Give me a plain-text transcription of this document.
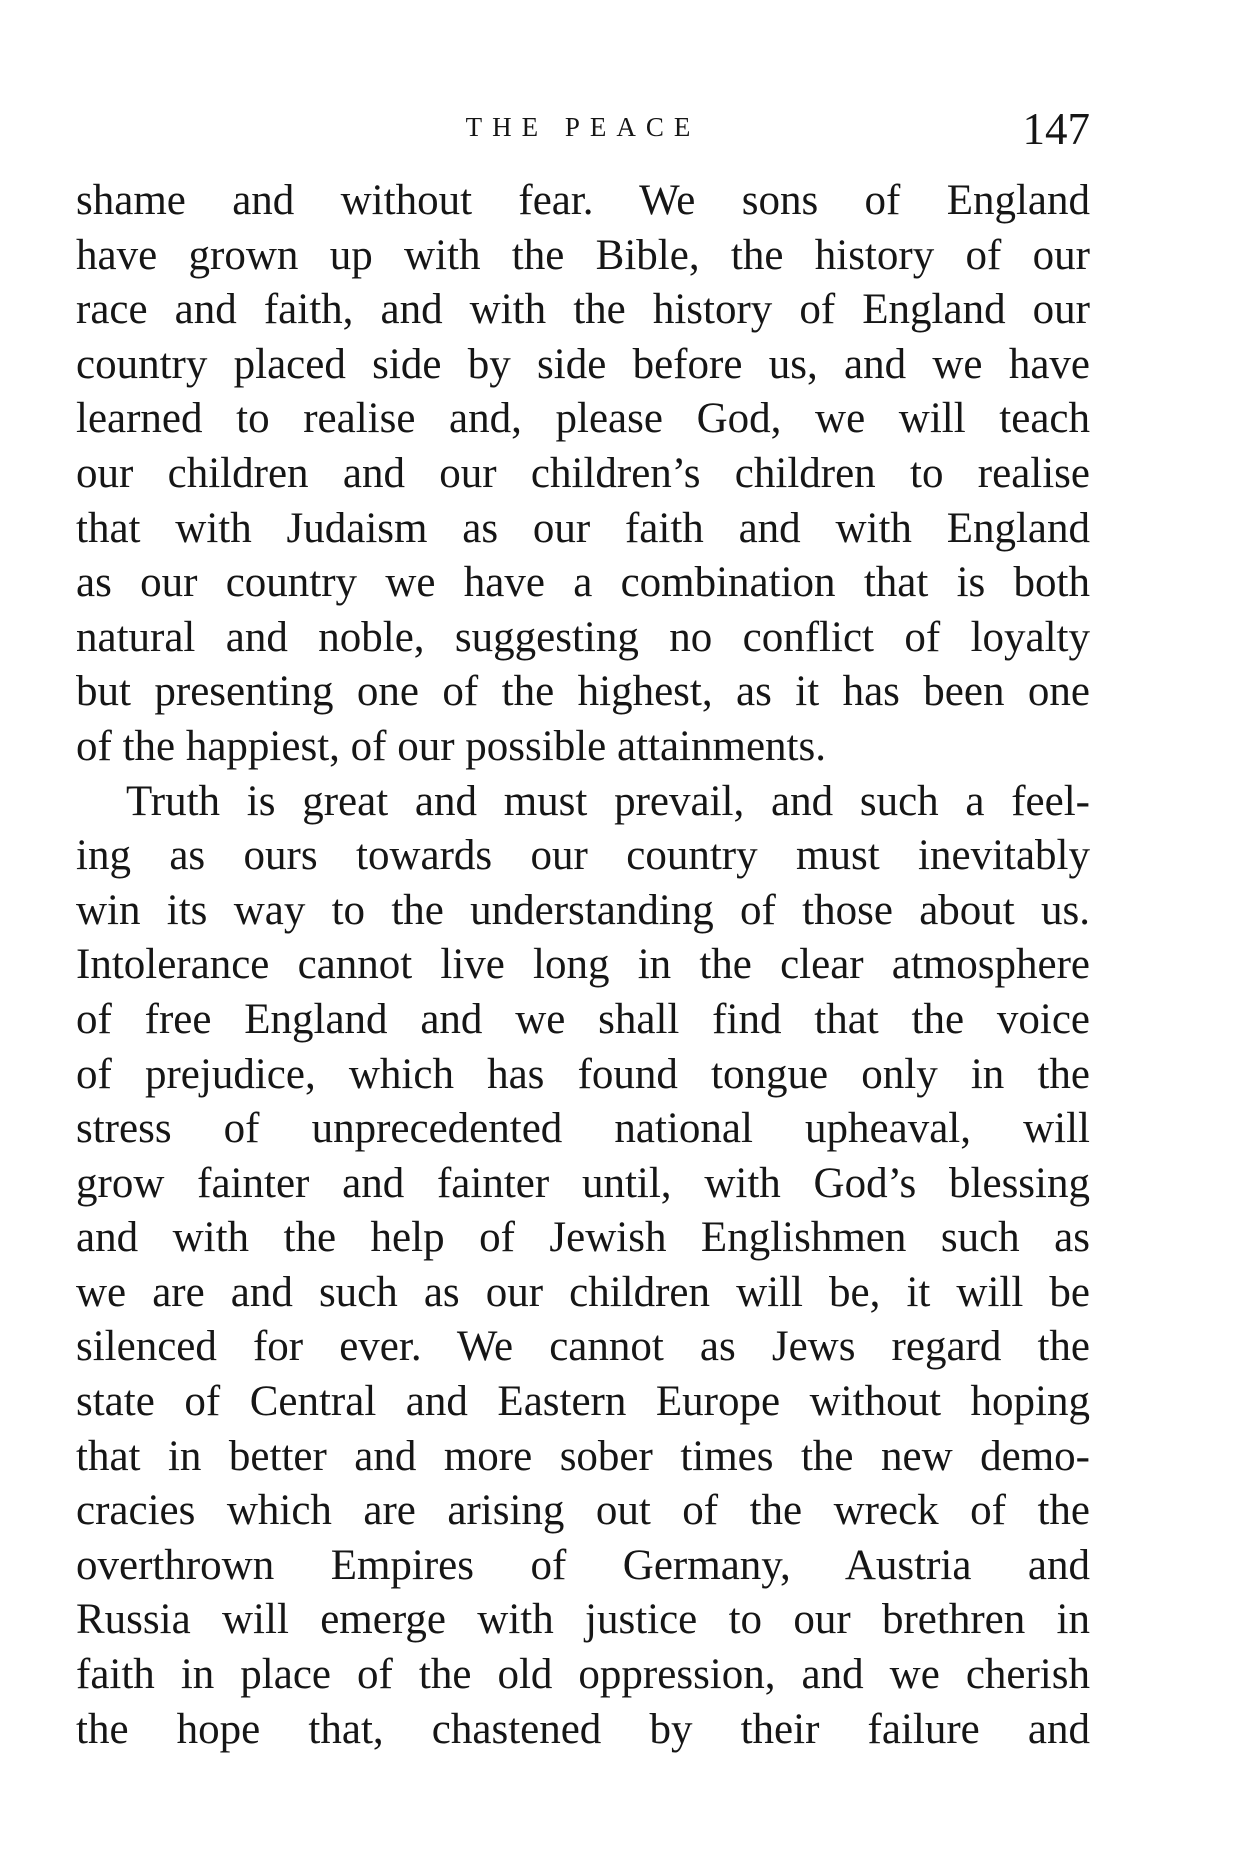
THE PEACE	147
shame and without fear. We sons of England
have grown up with the Bible, the history of our
race and faith, and with the history of England our
country placed side by side before us, and we have
learned to realise and, please God, we will teach
our children and our children’s children to realise
that with Judaism as our faith and with England
as our country we have a combination that is both
natural and noble, suggesting no conflict of loyalty
but presenting one of the highest, as it has been one
of the happiest, of our possible attainments.
Truth is great and must prevail, and such a feel-
ing as ours towards our country must inevitably
win its way to the understanding of those about us.
Intolerance cannot live long in the clear atmosphere
of free England and we shall find that the voice
of prejudice, which has found tongue only in the
stress of unprecedented national upheaval, will
grow fainter and fainter until, with God’s blessing
and with the help of Jewish Englishmen such as
we are and such as our children will be, it will be
silenced for ever. We cannot as Jews regard the
state of Central and Eastern Europe without hoping
that in better and more sober times the new demo-
cracies which are arising out of the wreck of the
overthrown Empires of Germany, Austria and
Russia will emerge with justice to our brethren in
faith in place of the old oppression, and we cherish
the hope that, chastened by their failure and
